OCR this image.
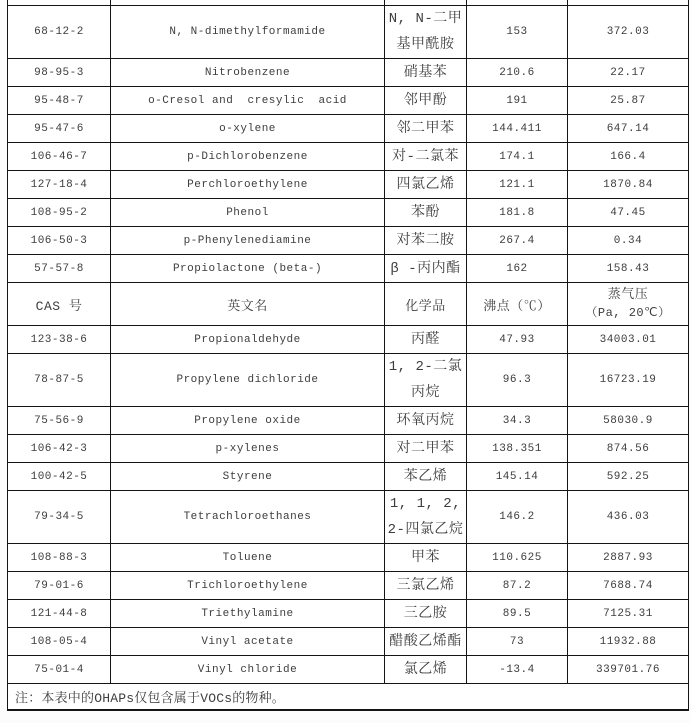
68-12-2	N, N-dimethylformamide	N, N-二甲基甲酰胺	153	372.03
98-95-3	Nitrobenzene	硝基苯	210.6	22.17
95-48-7	o-Cresol and  cresylic  acid	邻甲酚	191	25.87
95-47-6	o-xylene	邻二甲苯	144.411	647.14
106-46-7	p-Dichlorobenzene	对-二氯苯	174.1	166.4
127-18-4	Perchloroethylene	四氯乙烯	121.1	1870.84
108-95-2	Phenol	苯酚	181.8	47.45
106-50-3	p-Phenylenediamine	对苯二胺	267.4	0.34
57-57-8	Propiolactone (beta-)	β -丙内酯	162	158.43
CAS 号	英文名	化学品	沸点（℃）	蒸气压
（Pa, 20℃）

123-38-6	Propionaldehyde	丙醛	47.93	34003.01
78-87-5	Propylene dichloride	1, 2-二氯丙烷	96.3	16723.19
75-56-9	Propylene oxide	环氧丙烷	34.3	58030.9
106-42-3	p-xylenes	对二甲苯	138.351	874.56
100-42-5	Styrene	苯乙烯	145.14	592.25
79-34-5	Tetrachloroethanes	1, 1, 2, 2-四氯乙烷	146.2	436.03
108-88-3	Toluene	甲苯	110.625	2887.93
79-01-6	Trichloroethylene	三氯乙烯	87.2	7688.74
121-44-8	Triethylamine	三乙胺	89.5	7125.31
108-05-4	Vinyl acetate	醋酸乙烯酯	73	11932.88
75-01-4	Vinyl chloride	氯乙烯	-13.4	339701.76
注：本表中的OHAPs仅包含属于VOCs的物种。				
